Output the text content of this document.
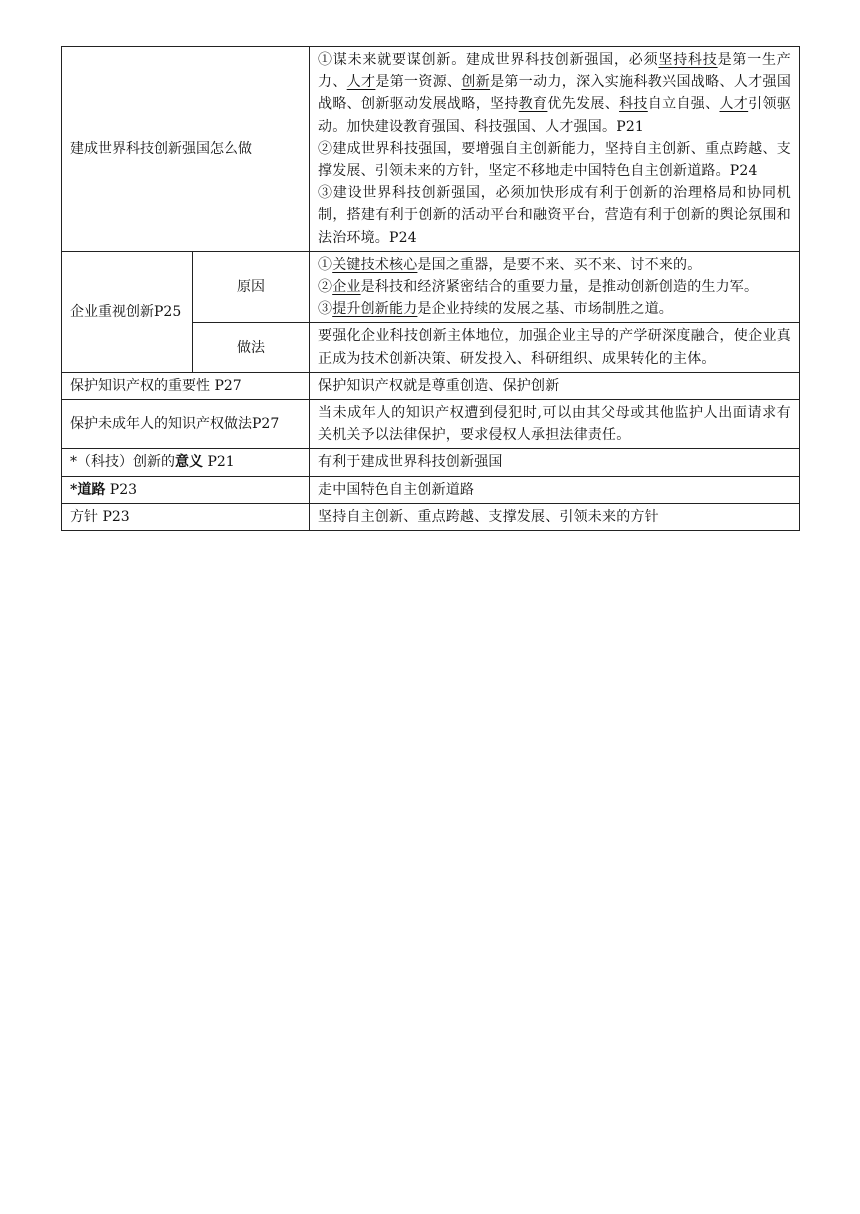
建成世界科技创新强国怎么做		①谋未来就要谋创新。建成世界科技创新强国，必须坚持科技是第一生产力、人才是第一资源、创新是第一动力，深入实施科教兴国战略、人才强国战略、创新驱动发展战略，坚持教育优先发展、科技自立自强、人才引领驱动。加快建设教育强国、科技强国、人才强国。P21
②建成世界科技强国，要增强自主创新能力，坚持自主创新、重点跨越、支撑发展、引领未来的方针，坚定不移地走中国特色自主创新道路。P24
③建设世界科技创新强国，必须加快形成有利于创新的治理格局和协同机制，搭建有利于创新的活动平台和融资平台，营造有利于创新的舆论氛围和法治环境。P24

企业重视创新P25	原因	①关键技术核心是国之重器，是要不来、买不来、讨不来的。
②企业是科技和经济紧密结合的重要力量，是推动创新创造的生力军。
③提升创新能力是企业持续的发展之基、市场制胜之道。

	做法	要强化企业科技创新主体地位，加强企业主导的产学研深度融合，使企业真正成为技术创新决策、研发投入、科研组织、成果转化的主体。
保护知识产权的重要性 P27		保护知识产权就是尊重创造、保护创新
保护未成年人的知识产权做法P27		当未成年人的知识产权遭到侵犯时,可以由其父母或其他监护人出面请求有关机关予以法律保护，要求侵权人承担法律责任。
*（科技）创新的意义 P21		有利于建成世界科技创新强国
*道路 P23		走中国特色自主创新道路
方针 P23		坚持自主创新、重点跨越、支撑发展、引领未来的方针
